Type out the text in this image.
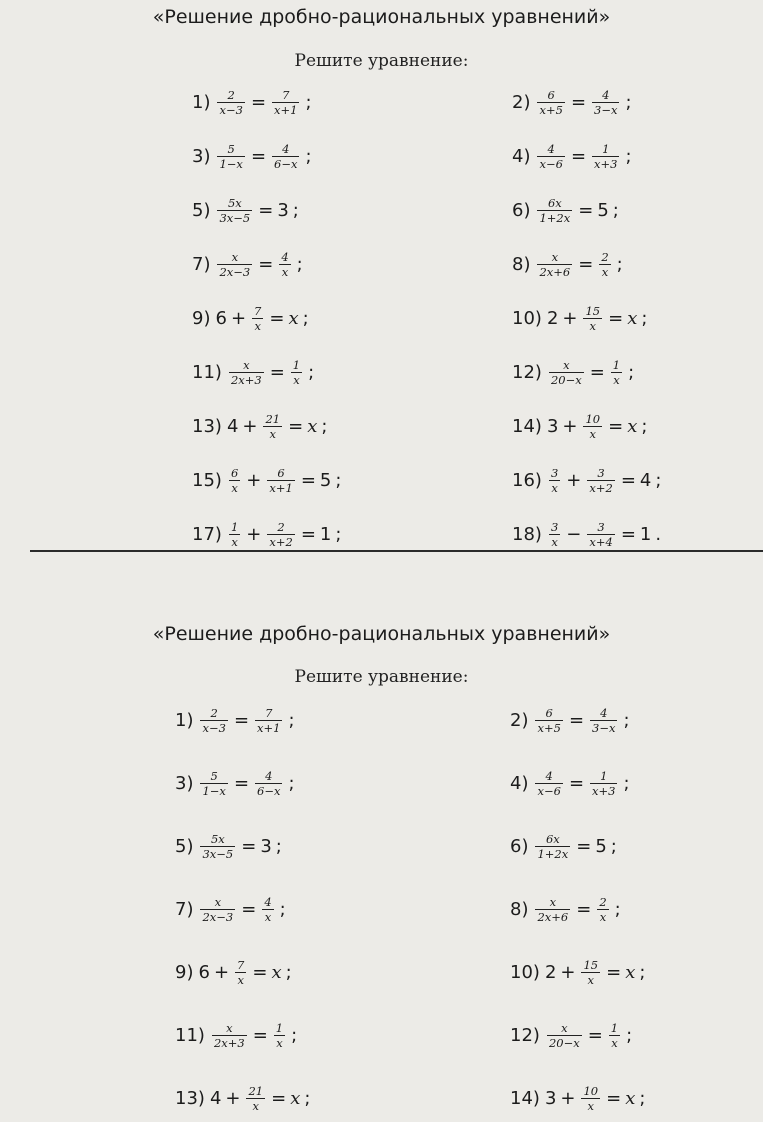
«Решение дробно-рациональных уравнений»
Решите уравнение:
$1) \frac{2}{x-3} = \frac{7}{x+1}$ ;	$2) \frac{6}{x+5} = \frac{4}{3-x}$ ;
$3) \frac{5}{1-x} = \frac{4}{6-x}$ ;	$4) \frac{4}{x-6} = \frac{1}{x+3}$ ;
$5) \frac{5x}{3x-5} = 3$ ;	$6) \frac{6x}{1+2x} = 5$ ;
$7) \frac{x}{2x-3} = \frac{4}{x}$ ;	$8) \frac{x}{2x+6} = \frac{2}{x}$ ;
9) $6 + \frac{7}{x} = x$ ;	10) $2 + \frac{15}{x} = x$ ;
$11) \frac{x}{2x+3} = \frac{1}{x}$ ;	$12) \frac{x}{20-x} = \frac{1}{x}$ ;
13) $4 + \frac{21}{x} = x$ ;	14) $3 + \frac{10}{x} = x$ ;
$15) \frac{6}{x} + \frac{6}{x+1} = 5$ ;	$16) \frac{3}{x} + \frac{3}{x+2} = 4$ ;
$17) \frac{1}{x} + \frac{2}{x+2} = 1$ ;	$18) \frac{3}{x} - \frac{3}{x+4} = 1$ .
«Решение дробно-рациональных уравнений»
Решите уравнение:
$1) \frac{2}{x-3} = \frac{7}{x+1}$ ;	$2) \frac{6}{x+5} = \frac{4}{3-x}$ ;
$3) \frac{5}{1-x} = \frac{4}{6-x}$ ;	$4) \frac{4}{x-6} = \frac{1}{x+3}$ ;
$5) \frac{5x}{3x-5} = 3$ ;	$6) \frac{6x}{1+2x} = 5$ ;
$7) \frac{x}{2x-3} = \frac{4}{x}$ ;	$8) \frac{x}{2x+6} = \frac{2}{x}$ ;
9) $6 + \frac{7}{x} = x$ ;	10) $2 + \frac{15}{x} = x$ ;
$11) \frac{x}{2x+3} = \frac{1}{x}$ ;	$12) \frac{x}{20-x} = \frac{1}{x}$ ;
13) $4 + \frac{21}{x} = x$ ;	14) $3 + \frac{10}{x} = x$ ;
